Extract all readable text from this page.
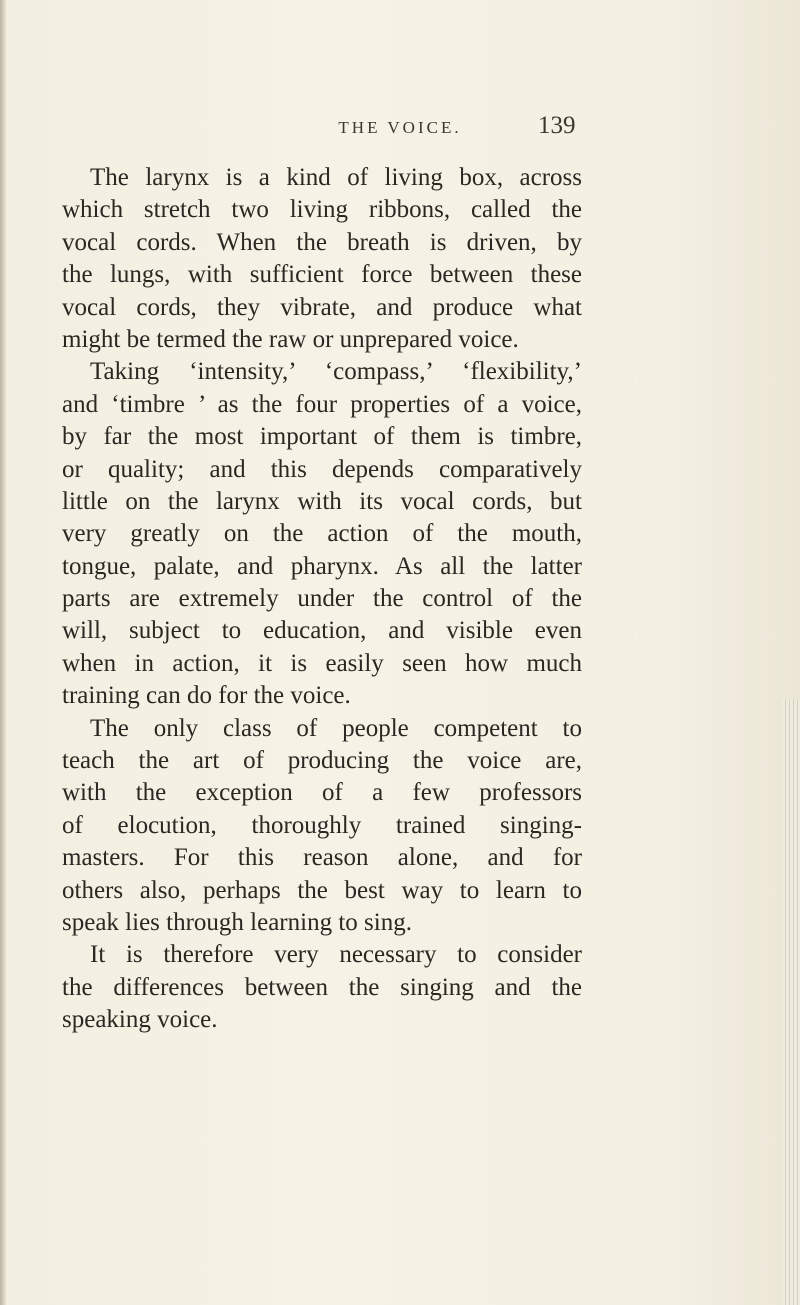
THE VOICE.	139
The larynx is a kind of living box, across
which stretch two living ribbons, called the
vocal cords. When the breath is driven, by
the lungs, with sufficient force between these
vocal cords, they vibrate, and produce what
might be termed the raw or unprepared voice.
Taking ‘intensity,’ ‘compass,’ ‘flexibility,’
and ‘timbre ’ as the four properties of a voice,
by far the most important of them is timbre,
or quality; and this depends comparatively
little on the larynx with its vocal cords, but
very greatly on the action of the mouth,
tongue, palate, and pharynx. As all the latter
parts are extremely under the control of the
will, subject to education, and visible even
when in action, it is easily seen how much
training can do for the voice.
The only class of people competent to
teach the art of producing the voice are,
with the exception of a few professors
of elocution, thoroughly trained singing-
masters. For this reason alone, and for
others also, perhaps the best way to learn to
speak lies through learning to sing.
It is therefore very necessary to consider
the differences between the singing and the
speaking voice.
